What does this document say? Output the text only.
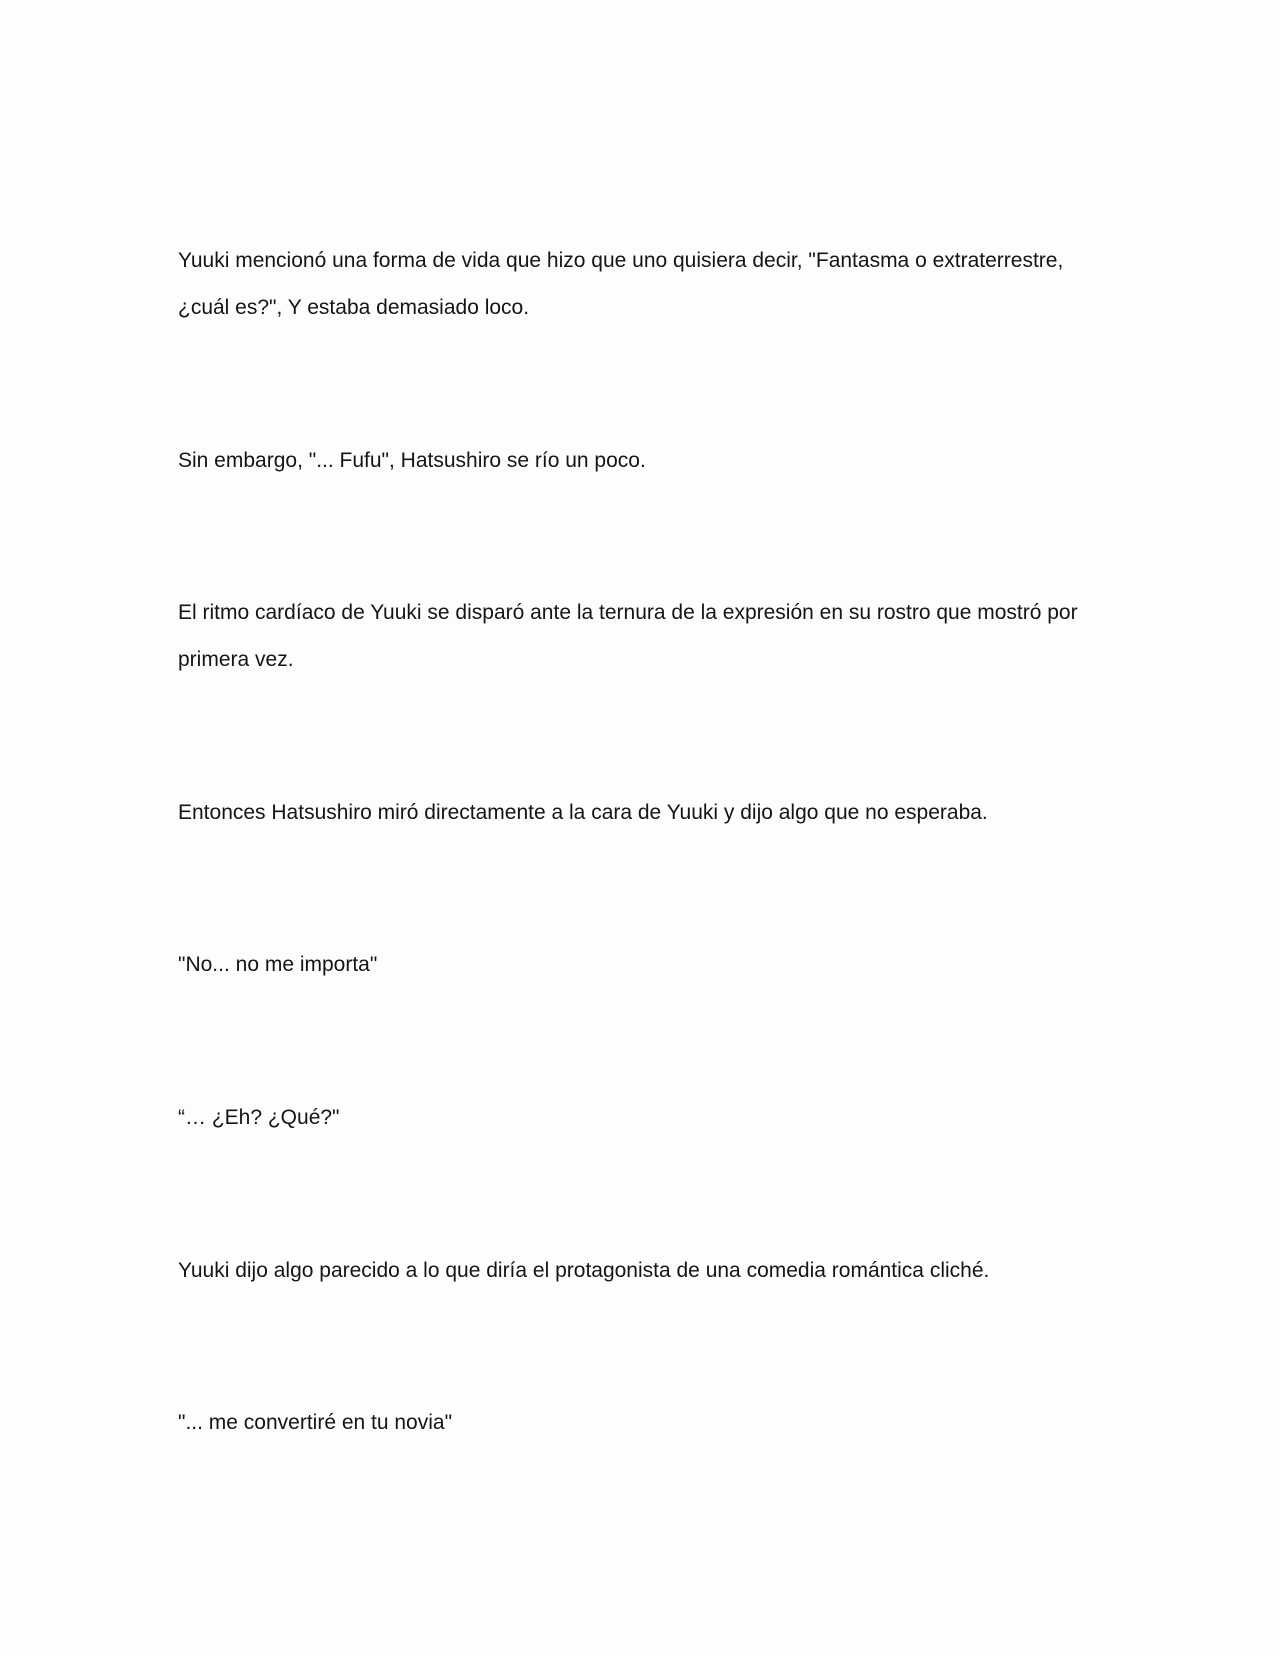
Yuuki mencionó una forma de vida que hizo que uno quisiera decir, "Fantasma o extraterrestre,
¿cuál es?", Y estaba demasiado loco.

Sin embargo, "... Fufu", Hatsushiro se río un poco.

El ritmo cardíaco de Yuuki se disparó ante la ternura de la expresión en su rostro que mostró por
primera vez.

Entonces Hatsushiro miró directamente a la cara de Yuuki y dijo algo que no esperaba.

"No... no me importa"

“… ¿Eh? ¿Qué?"

Yuuki dijo algo parecido a lo que diría el protagonista de una comedia romántica cliché.

"... me convertiré en tu novia"
